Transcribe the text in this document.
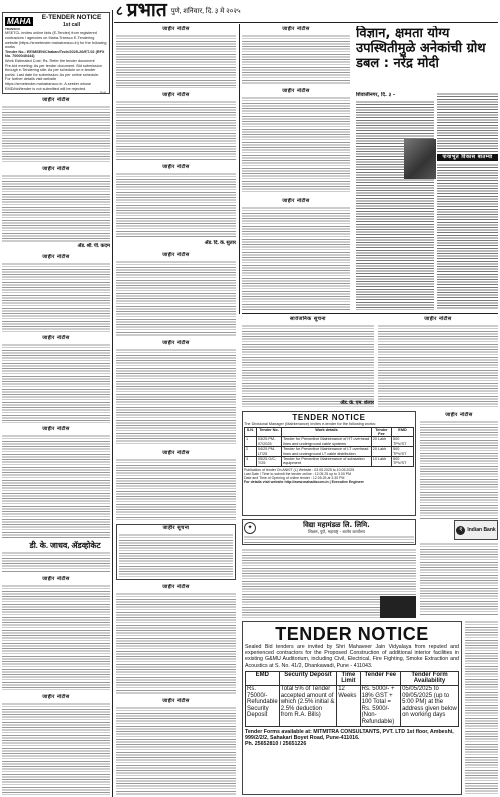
MAHA	E-TENDER NOTICE
1st call
TRANSCO
MSETCL invites online bids (E-Tender) from registered contractors / agencies on Maha-Transco E-Tendering website (https://srmetender.mahatransco.in) for the following works
Tender No.: EE/MSEN/Chakan/Tech/2025-26/ET-02 (RFX No. 7000040444)
Work Estimated Cost: Rs. Refer the tender document
Pre-bid meeting: As per tender document. Bid submission through e-Tendering site: As per schedule on e-tender portal. Last date for submission: As per online schedule.
For further details visit website https://srmetender.mahatransco.in. A seeker whose EMD/bid/tender is not submitted will be rejected.
Sd/-
जाहीर नोटीस
जाहीर नोटीस
ॲड. श्री. पी. कदम
जाहीर नोटीस
जाहीर नोटीस
जाहीर नोटीस
डी. के. जाधव, ॲडव्होकेट
जाहीर नोटीस
जाहीर नोटीस
८ प्रभात पुणे, शनिवार, दि. ३ मे २०२५
जाहीर नोटीस
जाहीर नोटीस
जाहीर नोटीस
ॲड. दि. के. सुतार
जाहीर नोटीस
जाहीर नोटीस
जाहीर नोटीस
जाहीर सूचना
जाहीर नोटीस
जाहीर नोटीस
जाहीर नोटीस
जाहीर नोटीस
जाहीर नोटीस
विज्ञान, क्षमता योग्य उपस्थितीमुळे अनेकांची ग्रोथ डबल : नरेंद्र मोदी
शिवाजीनगर, दि. ३ -
पायाभूत विकास बातम्या
सार्वजनिक सूचना	जाहीर नोटीस
ॲड. के. एम. शेलार
TENDER NOTICE
The Divisional Manager (Maintenance) invites e-tender for the following works:
S.N.	Tender No.	Work details	Tender Fee	EMD
1	03/25 PM-07/2025	Tender for Preventive Maintenance of HT overhead lines and underground cable systems	20 Lakh	500 TPV/ST
2	04/25 PM-LT/25	Tender for Preventive Maintenance of LT overhead lines and underground LT cable distribution	20 Lakh	500 TPV/ST
3	05/25 O/C-T/25	Tender for Preventive Maintenance of substation equipment	10 Lakh	500 TPV/ST
Publication of tender On ANKIT (L) Website : 03.05.2025 to 10.05.2025
Last Date / Time to submit the tender online : 12.05.25 up to 3.00 PM
Date and Time of Opening of online tender : 12.05.25 at 3.30 PM
For details visit website http://www.mahadiscom.in | Executive Engineer
जाहीर नोटीस
₹ Indian Bank
✦	विद्या महामंडळ लि. लिमि.
शिक्षण, पुणे, महाराष्ट्र - शालेय कार्यालय
TENDER NOTICE
Sealed Bid tenders are invited by Shri Mahaveer Jain Vidyalaya from reputed and experienced contractors for the Proposed Construction of additional interior facilities in existing G&MU Auditorium, including Civil, Electrical, Fire Fighting, Smoke Extraction and Acoustics at S. No. 41/2, Dhankawadi, Pune - 411043.
EMD	Security Deposit	Time Limit	Tender Fee	Tender Form Availability
Rs. 75000/- Refundable Security Deposit	Total 5% of Tender accepted amount of which (2.5% initial & 2.5% deduction from R.A. Bills)	12 Weeks	Rs. 5000/- + 18% GST + 100 Total = Rs. 5900/- (Non-Refundable)	05/05/2025 to 09/05/2025 (up to 5:00 PM) at the address given below on working days
Tender Forms available at: MITMITRA CONSULTANTS, PVT. LTD 1st floor, Ambeshi, 999/2/2/2, Sahakari Boyet Road, Pune-411016.
Ph. 25652810 / 25651226
